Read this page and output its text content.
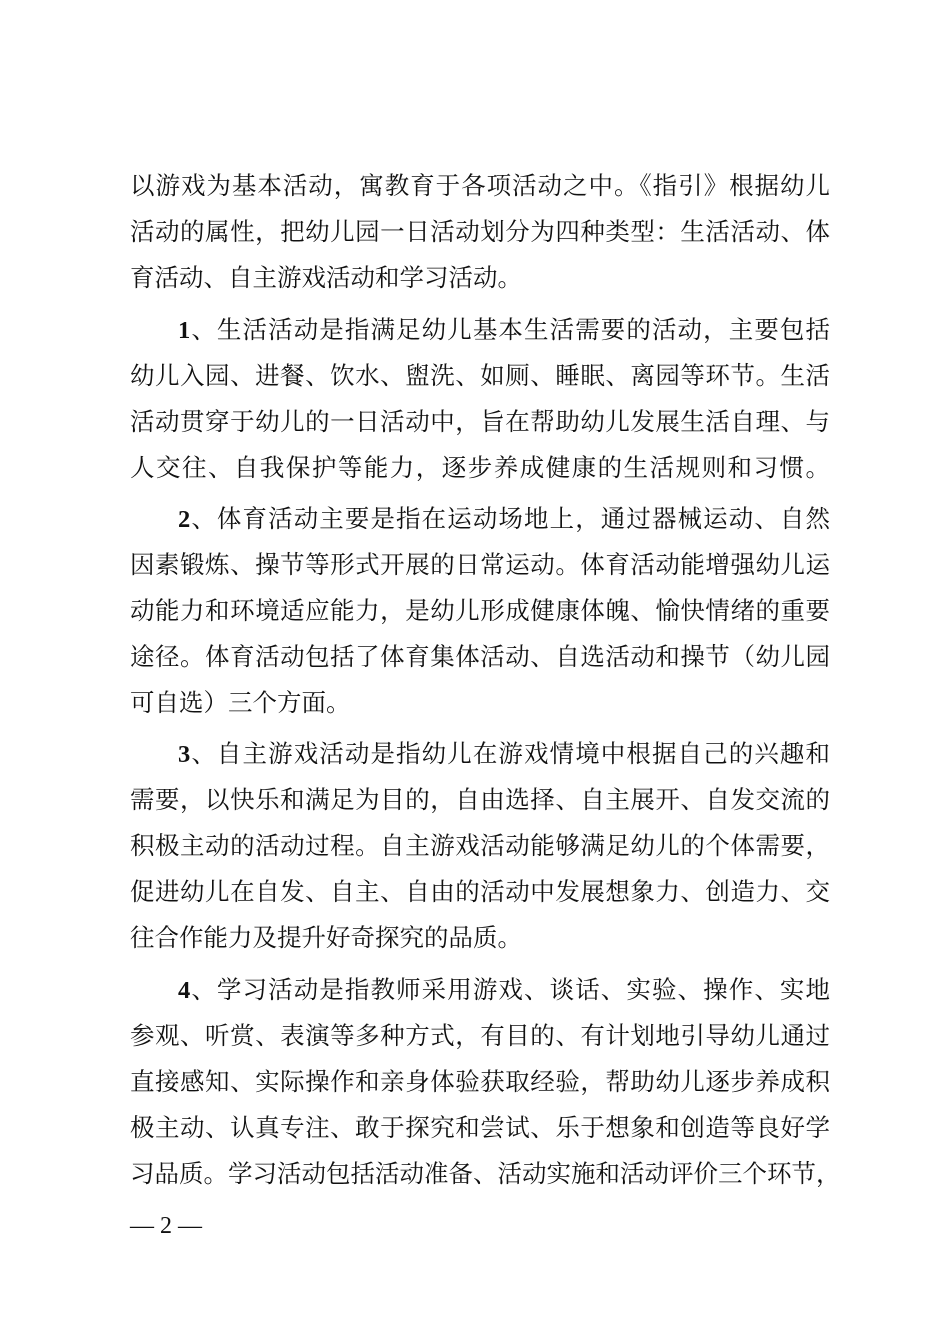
以游戏为基本活动，寓教育于各项活动之中。《指引》根据幼儿
活动的属性，把幼儿园一日活动划分为四种类型：生活活动、体
育活动、自主游戏活动和学习活动。
1、生活活动是指满足幼儿基本生活需要的活动，主要包括
幼儿入园、进餐、饮水、盥洗、如厕、睡眠、离园等环节。生活
活动贯穿于幼儿的一日活动中，旨在帮助幼儿发展生活自理、与
人交往、自我保护等能力，逐步养成健康的生活规则和习惯。
2、体育活动主要是指在运动场地上，通过器械运动、自然
因素锻炼、操节等形式开展的日常运动。体育活动能增强幼儿运
动能力和环境适应能力，是幼儿形成健康体魄、愉快情绪的重要
途径。体育活动包括了体育集体活动、自选活动和操节（幼儿园
可自选）三个方面。
3、自主游戏活动是指幼儿在游戏情境中根据自己的兴趣和
需要，以快乐和满足为目的，自由选择、自主展开、自发交流的
积极主动的活动过程。自主游戏活动能够满足幼儿的个体需要，
促进幼儿在自发、自主、自由的活动中发展想象力、创造力、交
往合作能力及提升好奇探究的品质。
4、学习活动是指教师采用游戏、谈话、实验、操作、实地
参观、听赏、表演等多种方式，有目的、有计划地引导幼儿通过
直接感知、实际操作和亲身体验获取经验，帮助幼儿逐步养成积
极主动、认真专注、敢于探究和尝试、乐于想象和创造等良好学
习品质。学习活动包括活动准备、活动实施和活动评价三个环节，
— 2 —
